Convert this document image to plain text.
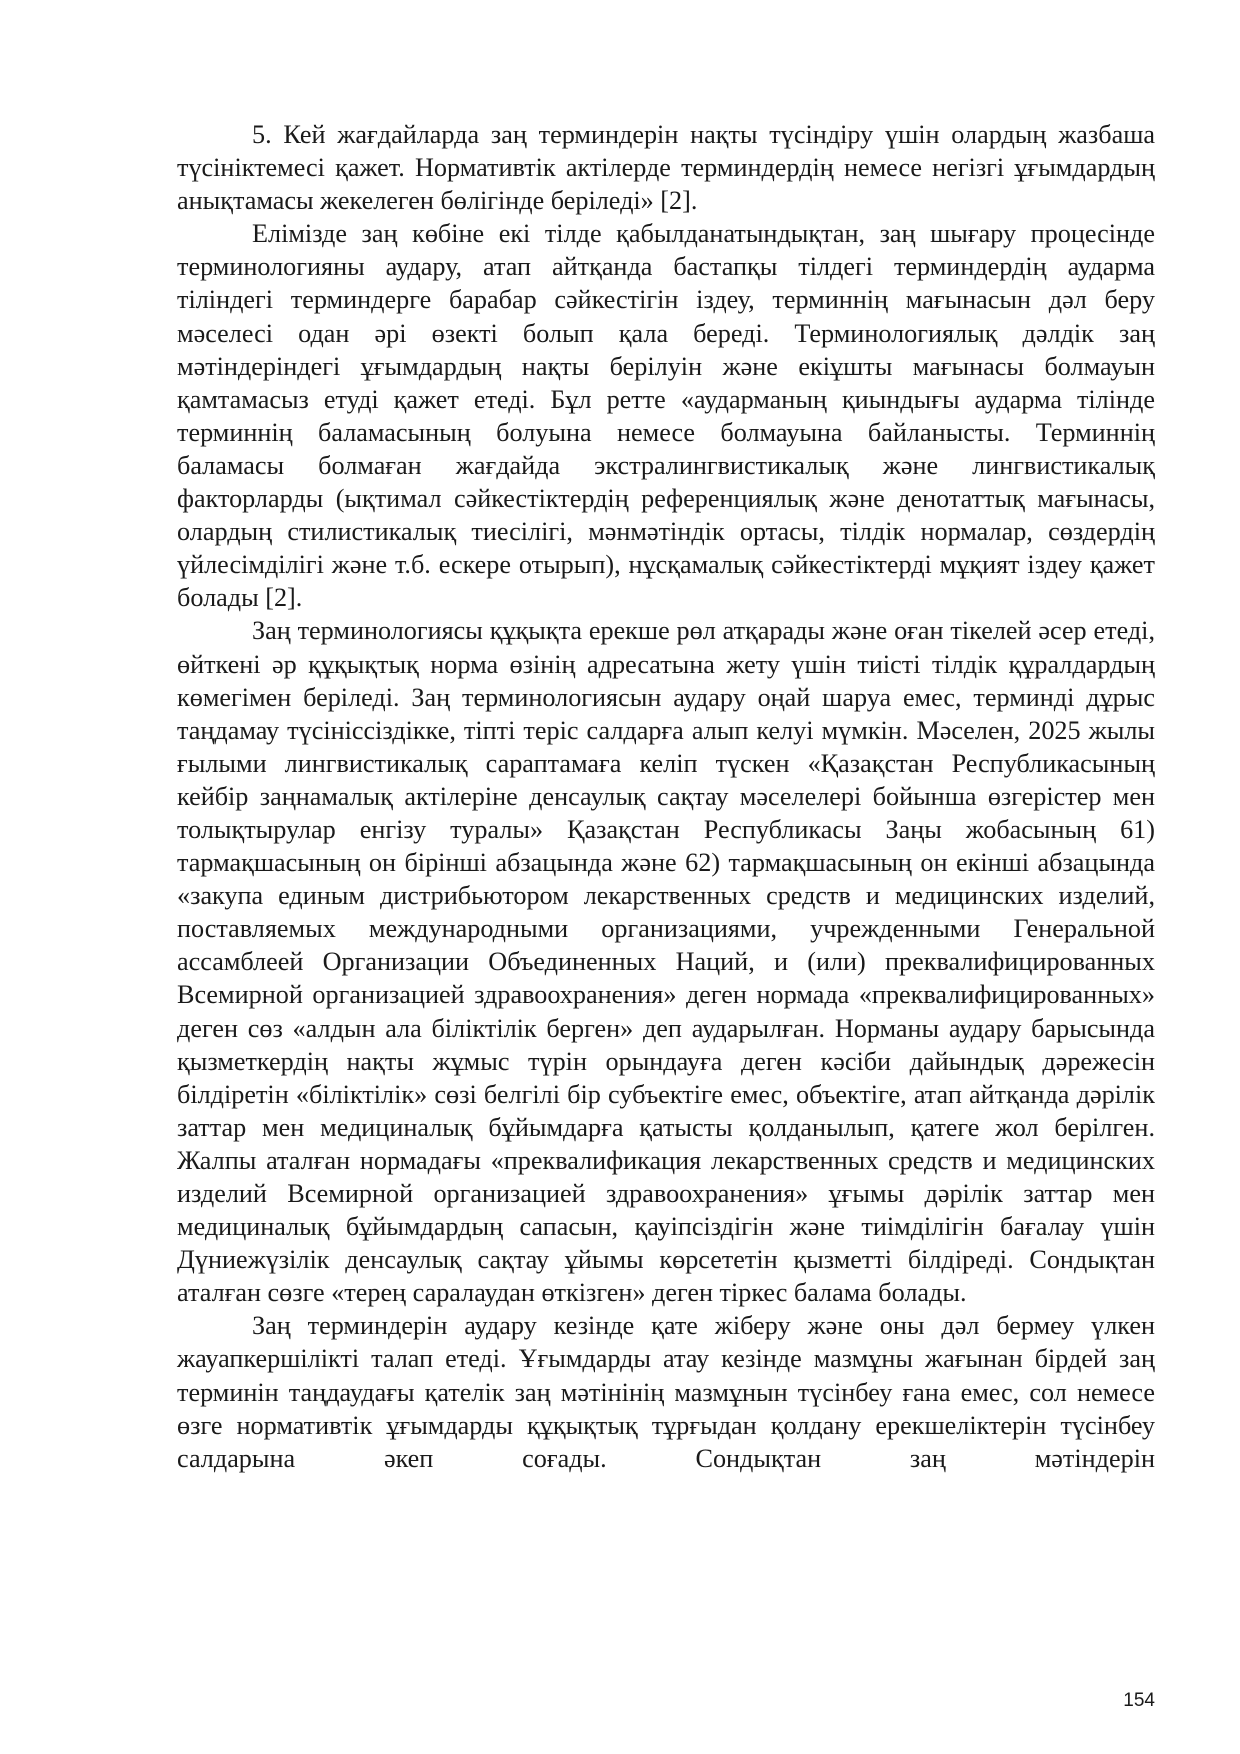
5. Кей жағдайларда заң терминдерін нақты түсіндіру үшін олардың жазбаша түсініктемесі қажет. Нормативтік актілерде терминдердің немесе негізгі ұғымдардың анықтамасы жекелеген бөлігінде беріледі» [2].

Елімізде заң көбіне екі тілде қабылданатындықтан, заң шығару процесінде терминологияны аудару, атап айтқанда бастапқы тілдегі терминдердің аударма тіліндегі терминдерге барабар сәйкестігін іздеу, терминнің мағынасын дәл беру мәселесі одан әрі өзекті болып қала береді. Терминологиялық дәлдік заң мәтіндеріндегі ұғымдардың нақты берілуін және екіұшты мағынасы болмауын қамтамасыз етуді қажет етеді. Бұл ретте «аударманың қиындығы аударма тілінде терминнің баламасының болуына немесе болмауына байланысты. Терминнің баламасы болмаған жағдайда экстралингвистикалық және лингвистикалық факторларды (ықтимал сәйкестіктердің референциялық және денотаттық мағынасы, олардың стилистикалық тиесілігі, мәнмәтіндік ортасы, тілдік нормалар, сөздердің үйлесімділігі және т.б. ескере отырып), нұсқамалық сәйкестіктерді мұқият іздеу қажет болады [2].

Заң терминологиясы құқықта ерекше рөл атқарады және оған тікелей әсер етеді, өйткені әр құқықтық норма өзінің адресатына жету үшін тиісті тілдік құралдардың көмегімен беріледі. Заң терминологиясын аудару оңай шаруа емес, терминді дұрыс таңдамау түсініссіздікке, тіпті теріс салдарға алып келуі мүмкін. Мәселен, 2025 жылы ғылыми лингвистикалық сараптамаға келіп түскен «Қазақстан Республикасының кейбір заңнамалық актілеріне денсаулық сақтау мәселелері бойынша өзгерістер мен толықтырулар енгізу туралы» Қазақстан Республикасы Заңы жобасының 61) тармақшасының он бірінші абзацында және 62) тармақшасының он екінші абзацында «закупа единым дистрибьютором лекарственных средств и медицинских изделий, поставляемых международными организациями, учрежденными Генеральной ассамблеей Организации Объединенных Наций, и (или) преквалифицированных Всемирной организацией здравоохранения» деген нормада «преквалифицированных» деген сөз «алдын ала біліктілік берген» деп аударылған. Норманы аудару барысында қызметкердің нақты жұмыс түрін орындауға деген кәсіби дайындық дәрежесін білдіретін «біліктілік» сөзі белгілі бір субъектіге емес, объектіге, атап айтқанда дәрілік заттар мен медициналық бұйымдарға қатысты қолданылып, қатеге жол берілген. Жалпы аталған нормадағы «преквалификация лекарственных средств и медицинских изделий Всемирной организацией здравоохранения» ұғымы дәрілік заттар мен медициналық бұйымдардың сапасын, қауіпсіздігін және тиімділігін бағалау үшін Дүниежүзілік денсаулық сақтау ұйымы көрсететін қызметті білдіреді. Сондықтан аталған сөзге «терең саралаудан өткізген» деген тіркес балама болады.

Заң терминдерін аудару кезінде қате жіберу және оны дәл бермеу үлкен жауапкершілікті талап етеді. Ұғымдарды атау кезінде мазмұны жағынан бірдей заң терминін таңдаудағы қателік заң мәтінінің мазмұнын түсінбеу ғана емес, сол немесе өзге нормативтік ұғымдарды құқықтық тұрғыдан қолдану ерекшеліктерін түсінбеу салдарына әкеп соғады. Сондықтан заң мәтіндерін

154
